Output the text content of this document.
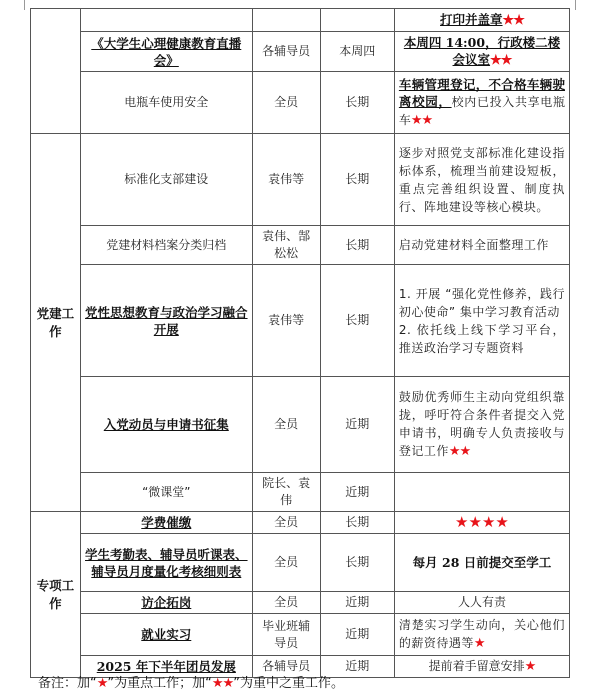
				打印并盖章★★
	《大学生心理健康教育直播会》	各辅导员	本周四	本周四 14:00，行政楼二楼会议室★★
	电瓶车使用安全	全员	长期	车辆管理登记，不合格车辆驶离校园，校内已投入共享电瓶车★★
党建工作	标准化支部建设	袁伟等	长期	逐步对照党支部标准化建设指标体系，梳理当前建设短板，重点完善组织设置、制度执行、阵地建设等核心模块。
	党建材料档案分类归档	袁伟、郜松松	长期	启动党建材料全面整理工作
	党性思想教育与政治学习融合开展	袁伟等	长期	1. 开展 “强化党性修养，践行初心使命” 集中学习教育活动
2. 依托线上线下学习平台，推送政治学习专题资料

	入党动员与申请书征集	全员	近期	鼓励优秀师生主动向党组织靠拢，呼吁符合条件者提交入党申请书，明确专人负责接收与登记工作★★
	“微课堂”	院长、袁伟	近期	
专项工作	学费催缴	全员	长期	★★★★
	学生考勤表、辅导员听课表、辅导员月度量化考核细则表	全员	长期	每月 28 日前提交至学工
	访企拓岗	全员	近期	人人有责
	就业实习	毕业班辅导员	近期	清楚实习学生动向，关心他们的薪资待遇等★
	2025 年下半年团员发展	各辅导员	近期	提前着手留意安排★
备注：加“★”为重点工作；加“★★”为重中之重工作。
